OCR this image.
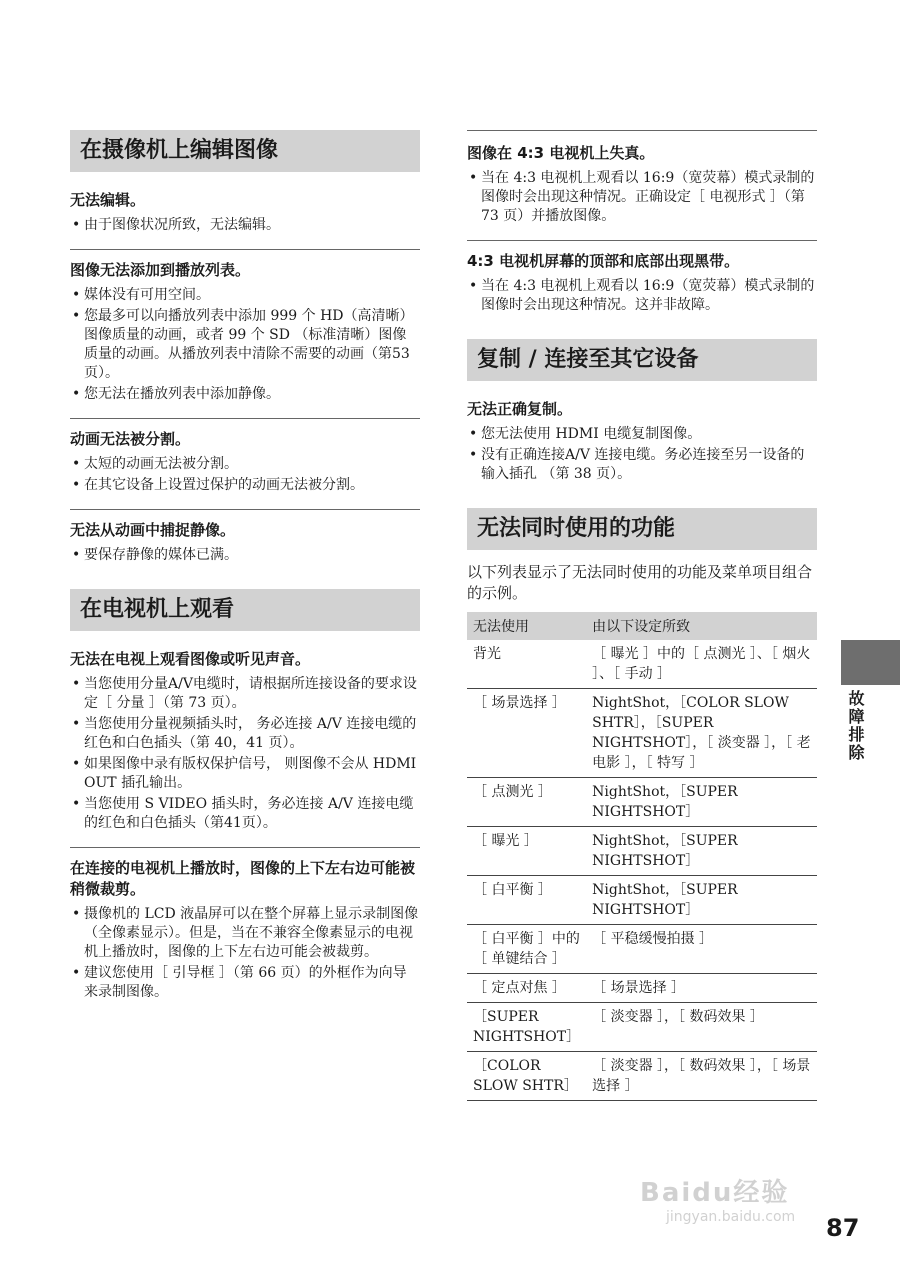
在摄像机上编辑图像
无法编辑。
• 由于图像状况所致，无法编辑。
图像无法添加到播放列表。
• 媒体没有可用空间。
• 您最多可以向播放列表中添加 999 个 HD（高清晰）图像质量的动画，或者 99 个 SD （标准清晰）图像质量的动画。从播放列表中清除不需要的动画（第53页）。
• 您无法在播放列表中添加静像。
动画无法被分割。
• 太短的动画无法被分割。
• 在其它设备上设置过保护的动画无法被分割。
无法从动画中捕捉静像。
• 要保存静像的媒体已满。
在电视机上观看
无法在电视上观看图像或听见声音。
• 当您使用分量A/V电缆时，请根据所连接设备的要求设定［ 分量 ］（第 73 页）。
• 当您使用分量视频插头时， 务必连接 A/V 连接电缆的红色和白色插头（第 40，41 页）。
• 如果图像中录有版权保护信号， 则图像不会从 HDMI OUT 插孔输出。
• 当您使用 S VIDEO 插头时，务必连接 A/V 连接电缆的红色和白色插头（第41页）。
在连接的电视机上播放时，图像的上下左右边可能被稍微裁剪。
• 摄像机的 LCD 液晶屏可以在整个屏幕上显示录制图像 （全像素显示）。但是，当在不兼容全像素显示的电视机上播放时，图像的上下左右边可能会被裁剪。
• 建议您使用［ 引导框 ］（第 66 页）的外框作为向导来录制图像。
图像在 4:3 电视机上失真。
• 当在 4:3 电视机上观看以 16:9（宽荧幕）模式录制的图像时会出现这种情况。正确设定［ 电视形式 ］（第 73 页）并播放图像。
4:3 电视机屏幕的顶部和底部出现黑带。
• 当在 4:3 电视机上观看以 16:9（宽荧幕）模式录制的图像时会出现这种情况。这并非故障。
复制 / 连接至其它设备
无法正确复制。
• 您无法使用 HDMI 电缆复制图像。
• 没有正确连接A/V 连接电缆。务必连接至另一设备的输入插孔 （第 38 页）。
无法同时使用的功能
以下列表显示了无法同时使用的功能及菜单项目组合的示例。
无法使用	由以下设定所致
背光	［ 曝光 ］中的［ 点测光 ］、［ 烟火 ］、［ 手动 ］
［ 场景选择 ］	NightShot，［COLOR SLOW SHTR］，［SUPER NIGHTSHOT］，［ 淡变器 ］，［ 老电影 ］，［ 特写 ］
［ 点测光 ］	NightShot，［SUPER NIGHTSHOT］
［ 曝光 ］	NightShot，［SUPER NIGHTSHOT］
［ 白平衡 ］	NightShot，［SUPER NIGHTSHOT］
［ 白平衡 ］中的［ 单键结合 ］	［ 平稳缓慢拍摄 ］
［ 定点对焦 ］	［ 场景选择 ］
［SUPER NIGHTSHOT］	［ 淡变器 ］，［ 数码效果 ］
［COLOR SLOW SHTR］	［ 淡变器 ］，［ 数码效果 ］，［ 场景选择 ］
故障排除
87
Baidu经验
jingyan.baidu.com
